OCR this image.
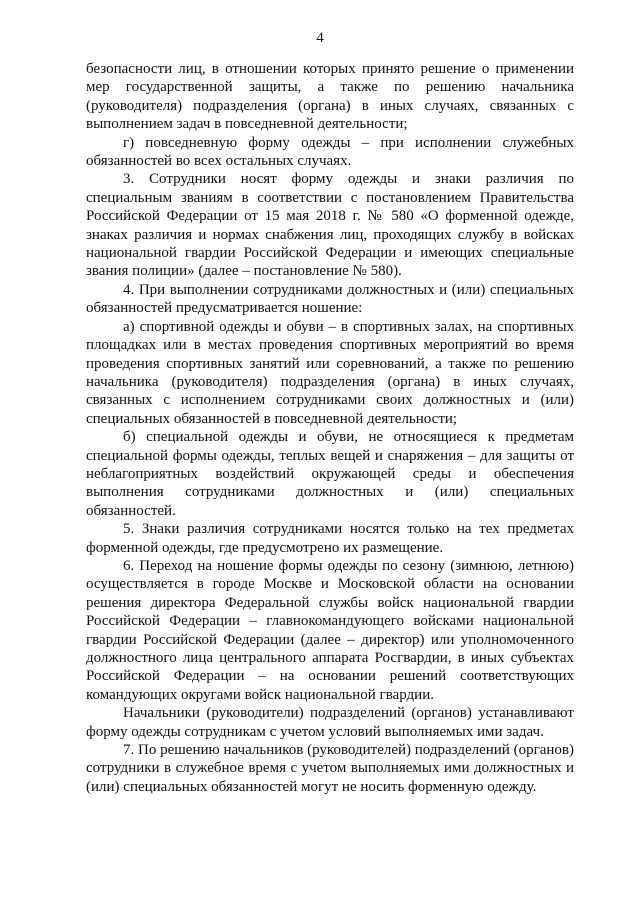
4

безопасности лиц, в отношении которых принято решение о применении мер государственной защиты, а также по решению начальника (руководителя) подразделения (органа) в иных случаях, связанных с выполнением задач в повседневной деятельности;

г) повседневную форму одежды – при исполнении служебных обязанностей во всех остальных случаях.

3. Сотрудники носят форму одежды и знаки различия по специальным званиям в соответствии с постановлением Правительства Российской Федерации от 15 мая 2018 г. № 580 «О форменной одежде, знаках различия и нормах снабжения лиц, проходящих службу в войсках национальной гвардии Российской Федерации и имеющих специальные звания полиции» (далее – постановление № 580).

4. При выполнении сотрудниками должностных и (или) специальных обязанностей предусматривается ношение:

а) спортивной одежды и обуви – в спортивных залах, на спортивных площадках или в местах проведения спортивных мероприятий во время проведения спортивных занятий или соревнований, а также по решению начальника (руководителя) подразделения (органа) в иных случаях, связанных с исполнением сотрудниками своих должностных и (или) специальных обязанностей в повседневной деятельности;

б) специальной одежды и обуви, не относящиеся к предметам специальной формы одежды, теплых вещей и снаряжения – для защиты от неблагоприятных воздействий окружающей среды и обеспечения выполнения сотрудниками должностных и (или) специальных обязанностей.

5. Знаки различия сотрудниками носятся только на тех предметах форменной одежды, где предусмотрено их размещение.

6. Переход на ношение формы одежды по сезону (зимнюю, летнюю) осуществляется в городе Москве и Московской области на основании решения директора Федеральной службы войск национальной гвардии Российской Федерации – главнокомандующего войсками национальной гвардии Российской Федерации (далее – директор) или уполномоченного должностного лица центрального аппарата Росгвардии, в иных субъектах Российской Федерации – на основании решений соответствующих командующих округами войск национальной гвардии.

Начальники (руководители) подразделений (органов) устанавливают форму одежды сотрудникам с учетом условий выполняемых ими задач.

7. По решению начальников (руководителей) подразделений (органов) сотрудники в служебное время с учетом выполняемых ими должностных и (или) специальных обязанностей могут не носить форменную одежду.
